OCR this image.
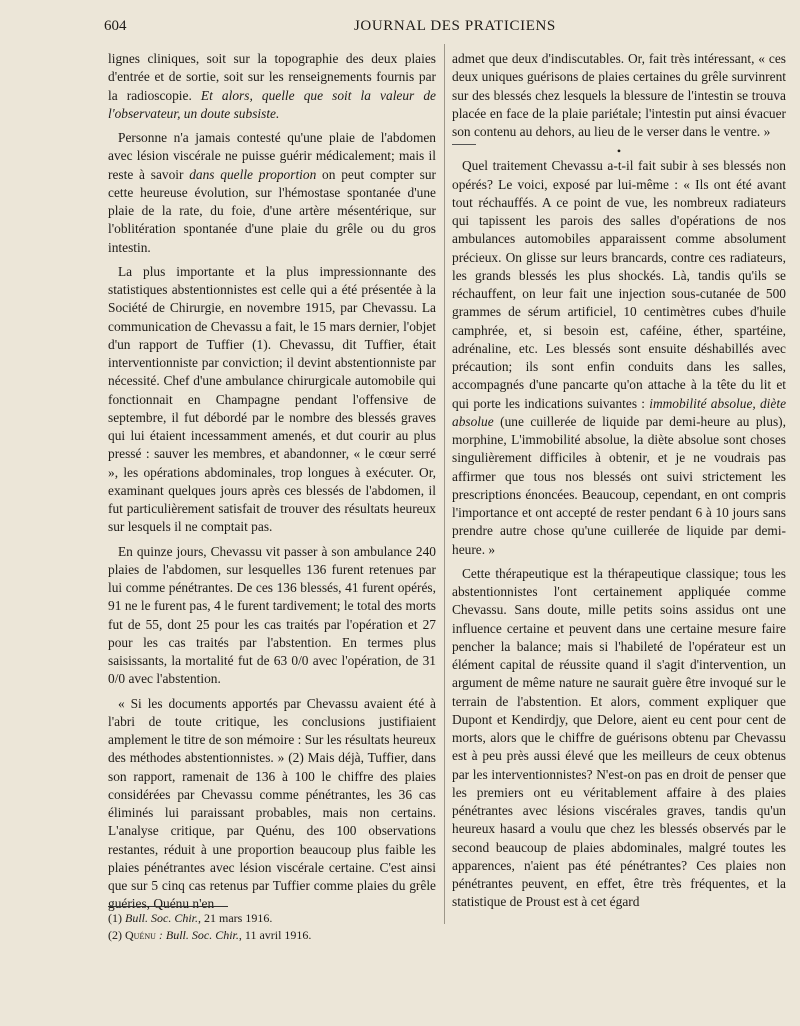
604	JOURNAL DES PRATICIENS

lignes cliniques, soit sur la topographie des deux plaies d'entrée et de sortie, soit sur les renseignements fournis par la radioscopie. Et alors, quelle que soit la valeur de l'observateur, un doute subsiste.

Personne n'a jamais contesté qu'une plaie de l'abdomen avec lésion viscérale ne puisse guérir médicalement; mais il reste à savoir dans quelle proportion on peut compter sur cette heureuse évolution, sur l'hémostase spontanée d'une plaie de la rate, du foie, d'une artère mésentérique, sur l'oblitération spontanée d'une plaie du grêle ou du gros intestin.

La plus importante et la plus impressionnante des statistiques abstentionnistes est celle qui a été présentée à la Société de Chirurgie, en novembre 1915, par Chevassu. La communication de Chevassu a fait, le 15 mars dernier, l'objet d'un rapport de Tuffier (1). Chevassu, dit Tuffier, était interventionniste par conviction; il devint abstentionniste par nécessité. Chef d'une ambulance chirurgicale automobile qui fonctionnait en Champagne pendant l'offensive de septembre, il fut débordé par le nombre des blessés graves qui lui étaient incessamment amenés, et dut courir au plus pressé : sauver les membres, et abandonner, « le cœur serré », les opérations abdominales, trop longues à exécuter. Or, examinant quelques jours après ces blessés de l'abdomen, il fut particulièrement satisfait de trouver des résultats heureux sur lesquels il ne comptait pas.

En quinze jours, Chevassu vit passer à son ambulance 240 plaies de l'abdomen, sur lesquelles 136 furent retenues par lui comme pénétrantes. De ces 136 blessés, 41 furent opérés, 91 ne le furent pas, 4 le furent tardivement; le total des morts fut de 55, dont 25 pour les cas traités par l'opération et 27 pour les cas traités par l'abstention. En termes plus saisissants, la mortalité fut de 63 0/0 avec l'opération, de 31 0/0 avec l'abstention.

« Si les documents apportés par Chevassu avaient été à l'abri de toute critique, les conclusions justifiaient amplement le titre de son mémoire : Sur les résultats heureux des méthodes abstentionnistes. » (2) Mais déjà, Tuffier, dans son rapport, ramenait de 136 à 100 le chiffre des plaies considérées par Chevassu comme pénétrantes, les 36 cas éliminés lui paraissant probables, mais non certains. L'analyse critique, par Quénu, des 100 observations restantes, réduit à une proportion beaucoup plus faible les plaies pénétrantes avec lésion viscérale certaine. C'est ainsi que sur 5 cinq cas retenus par Tuffier comme plaies du grêle guéries, Quénu n'en

admet que deux d'indiscutables. Or, fait très intéressant, « ces deux uniques guérisons de plaies certaines du grêle survinrent sur des blessés chez lesquels la blessure de l'intestin se trouva placée en face de la plaie pariétale; l'intestin put ainsi évacuer son contenu au dehors, au lieu de le verser dans le ventre. »

•

Quel traitement Chevassu a-t-il fait subir à ses blessés non opérés? Le voici, exposé par lui-même : « Ils ont été avant tout réchauffés. A ce point de vue, les nombreux radiateurs qui tapissent les parois des salles d'opérations de nos ambulances automobiles apparaissent comme absolument précieux. On glisse sur leurs brancards, contre ces radiateurs, les grands blessés les plus shockés. Là, tandis qu'ils se réchauffent, on leur fait une injection sous-cutanée de 500 grammes de sérum artificiel, 10 centimètres cubes d'huile camphrée, et, si besoin est, caféine, éther, spartéine, adrénaline, etc. Les blessés sont ensuite déshabillés avec précaution; ils sont enfin conduits dans les salles, accompagnés d'une pancarte qu'on attache à la tête du lit et qui porte les indications suivantes : immobilité absolue, diète absolue (une cuillerée de liquide par demi-heure au plus), morphine, L'immobilité absolue, la diète absolue sont choses singulièrement difficiles à obtenir, et je ne voudrais pas affirmer que tous nos blessés ont suivi strictement les prescriptions énoncées. Beaucoup, cependant, en ont compris l'importance et ont accepté de rester pendant 6 à 10 jours sans prendre autre chose qu'une cuillerée de liquide par demi-heure. »

Cette thérapeutique est la thérapeutique classique; tous les abstentionnistes l'ont certainement appliquée comme Chevassu. Sans doute, mille petits soins assidus ont une influence certaine et peuvent dans une certaine mesure faire pencher la balance; mais si l'habileté de l'opérateur est un élément capital de réussite quand il s'agit d'intervention, un argument de même nature ne saurait guère être invoqué sur le terrain de l'abstention. Et alors, comment expliquer que Dupont et Kendirdjy, que Delore, aient eu cent pour cent de morts, alors que le chiffre de guérisons obtenu par Chevassu est à peu près aussi élevé que les meilleurs de ceux obtenus par les interventionnistes? N'est-on pas en droit de penser que les premiers ont eu véritablement affaire à des plaies pénétrantes avec lésions viscérales graves, tandis qu'un heureux hasard a voulu que chez les blessés observés par le second beaucoup de plaies abdominales, malgré toutes les apparences, n'aient pas été pénétrantes? Ces plaies non pénétrantes peuvent, en effet, être très fréquentes, et la statistique de Proust est à cet égard

(1) Bull. Soc. Chir., 21 mars 1916.
(2) Quénu : Bull. Soc. Chir., 11 avril 1916.
